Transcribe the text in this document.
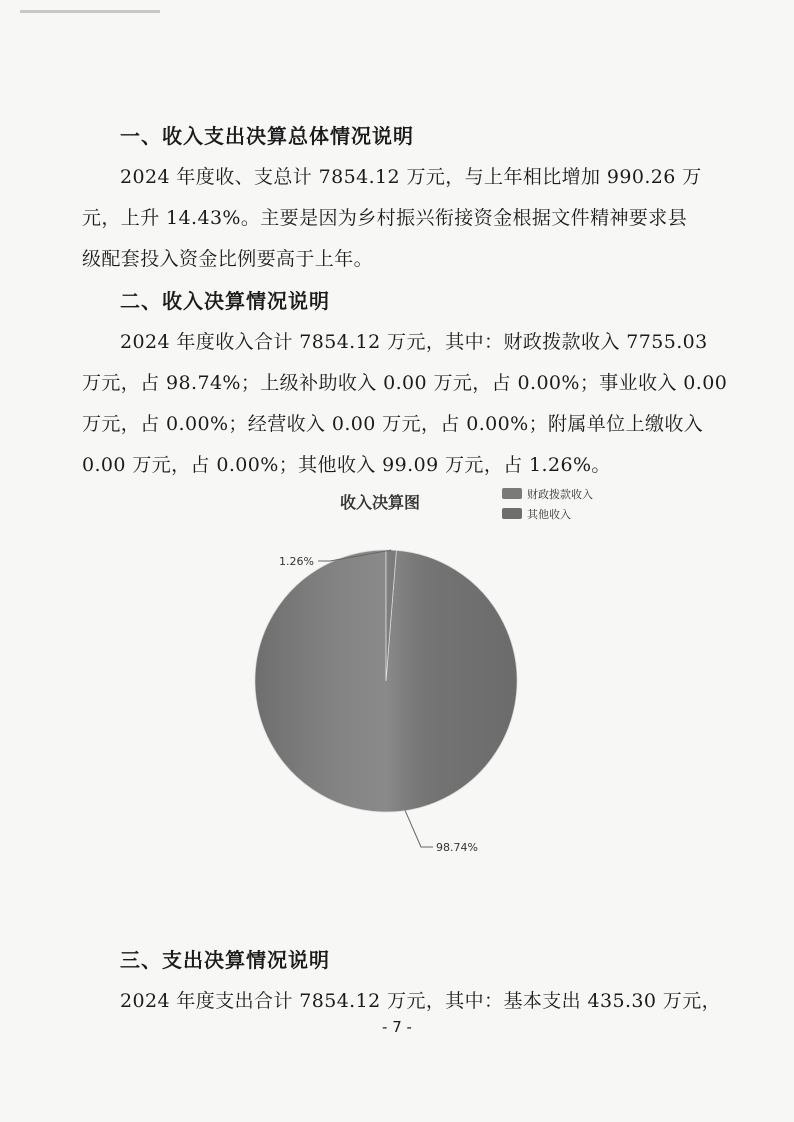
一、收入支出决算总体情况说明

2024 年度收、支总计 7854.12 万元，与上年相比增加 990.26 万

元，上升 14.43%。主要是因为乡村振兴衔接资金根据文件精神要求县

级配套投入资金比例要高于上年。

二、收入决算情况说明

2024 年度收入合计 7854.12 万元，其中：财政拨款收入 7755.03

万元，占 98.74%；上级补助收入 0.00 万元，占 0.00%；事业收入 0.00

万元，占 0.00%；经营收入 0.00 万元，占 0.00%；附属单位上缴收入

0.00 万元，占 0.00%；其他收入 99.09 万元，占 1.26%。

收入决算图	财政拨款收入
其他收入
98.74%
1.26%
三、支出决算情况说明

2024 年度支出合计 7854.12 万元，其中：基本支出 435.30 万元，

- 7 -
